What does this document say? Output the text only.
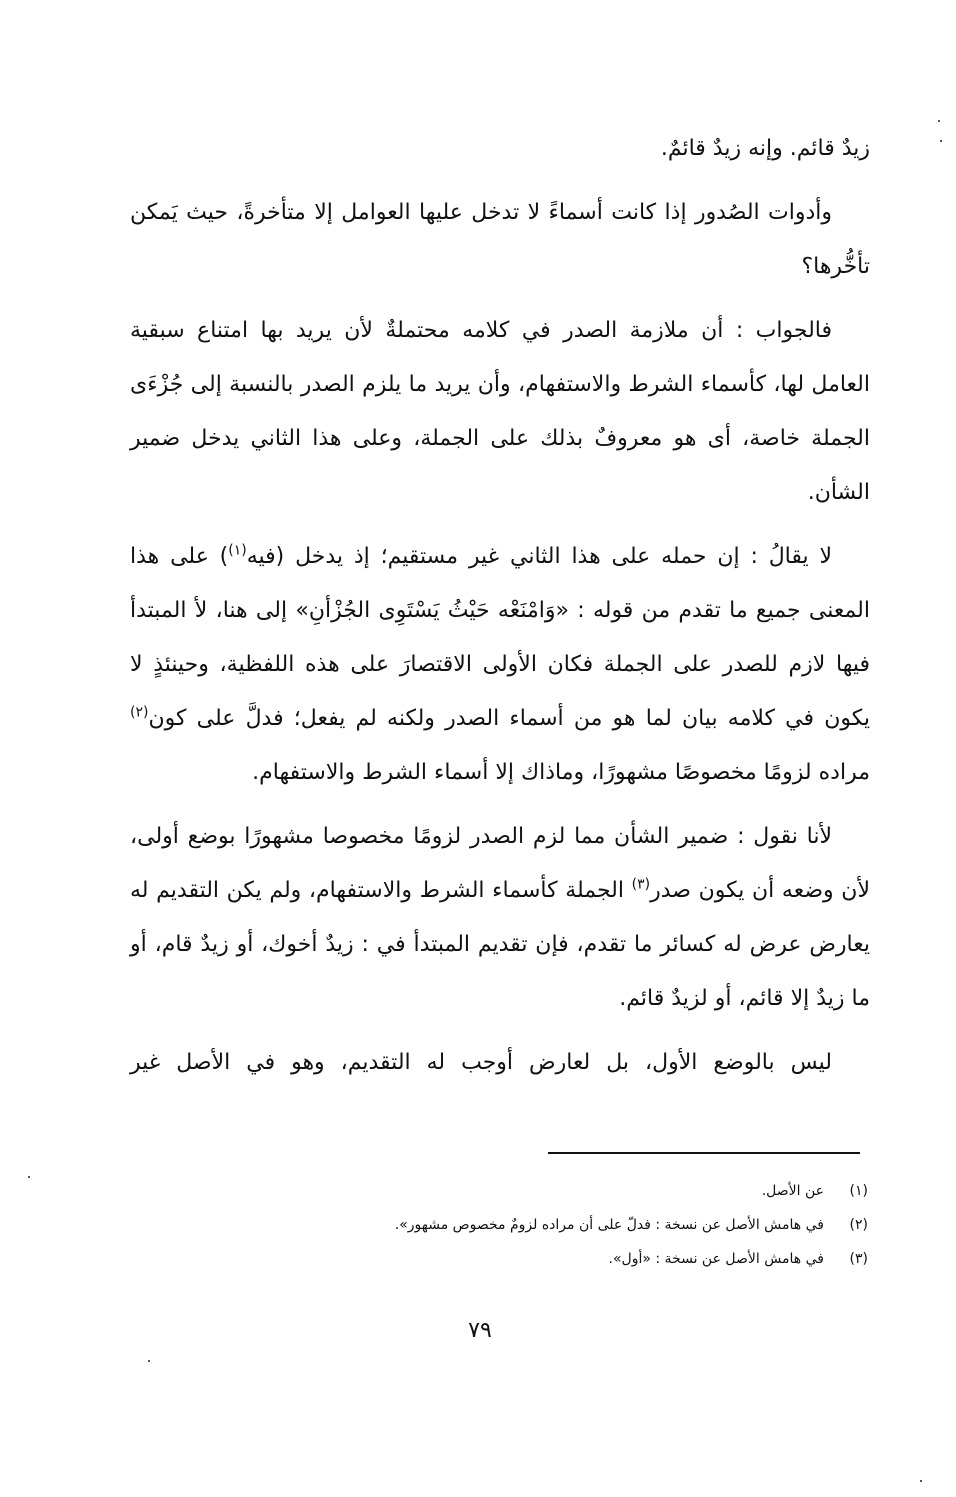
زيدٌ قائم. وإنه زيدٌ قائمٌ.

وأدوات الصُدور إذا كانت أسماءً لا تدخل عليها العوامل إلا متأخرةً، حيث يَمكن تأخُّرها؟

فالجواب : أن ملازمة الصدر في كلامه محتملةٌ لأن يريد بها امتناع سبقية العامل لها، كأسماء الشرط والاستفهام، وأن يريد ما يلزم الصدر بالنسبة إلى جُزْءَى الجملة خاصة، أى هو معروفٌ بذلك على الجملة، وعلى هذا الثاني يدخل ضمير الشأن.

لا يقالُ : إن حمله على هذا الثاني غير مستقيم؛ إذ يدخل (فيه$^{(١)}$) على هذا المعنى جميع ما تقدم من قوله : «وَامْنَعْه حَيْثُ يَسْتَوِى الجُزْأنِ» إلى هنا، لأ المبتدأ فيها لازم للصدر على الجملة فكان الأولى الاقتصارَ على هذه اللفظية، وحينئذٍ لا يكون في كلامه بيان لما هو من أسماء الصدر ولكنه لم يفعل؛ فدلَّ على كون$^{(٢)}$ مراده لزومًا مخصوصًا مشهورًا، وماذاك إلا أسماء الشرط والاستفهام.

لأنا نقول : ضمير الشأن مما لزم الصدر لزومًا مخصوصا مشهورًا بوضع أولى، لأن وضعه أن يكون صدر$^{(٣)}$ الجملة كأسماء الشرط والاستفهام، ولم يكن التقديم له يعارض عرض له كسائر ما تقدم، فإن تقديم المبتدأ في : زيدٌ أخوك، أو زيدٌ قام، أو ما زيدٌ إلا قائم، أو لزيدٌ قائم.

ليس بالوضع الأول، بل لعارض أوجب له التقديم، وهو في الأصل غير

(١)عن الأصل.
(٢)في هامش الأصل عن نسخة : فدلّ على أن مراده لزومٌ مخصوص مشهور».
(٣)في هامش الأصل عن نسخة : «أول».
٧٩
